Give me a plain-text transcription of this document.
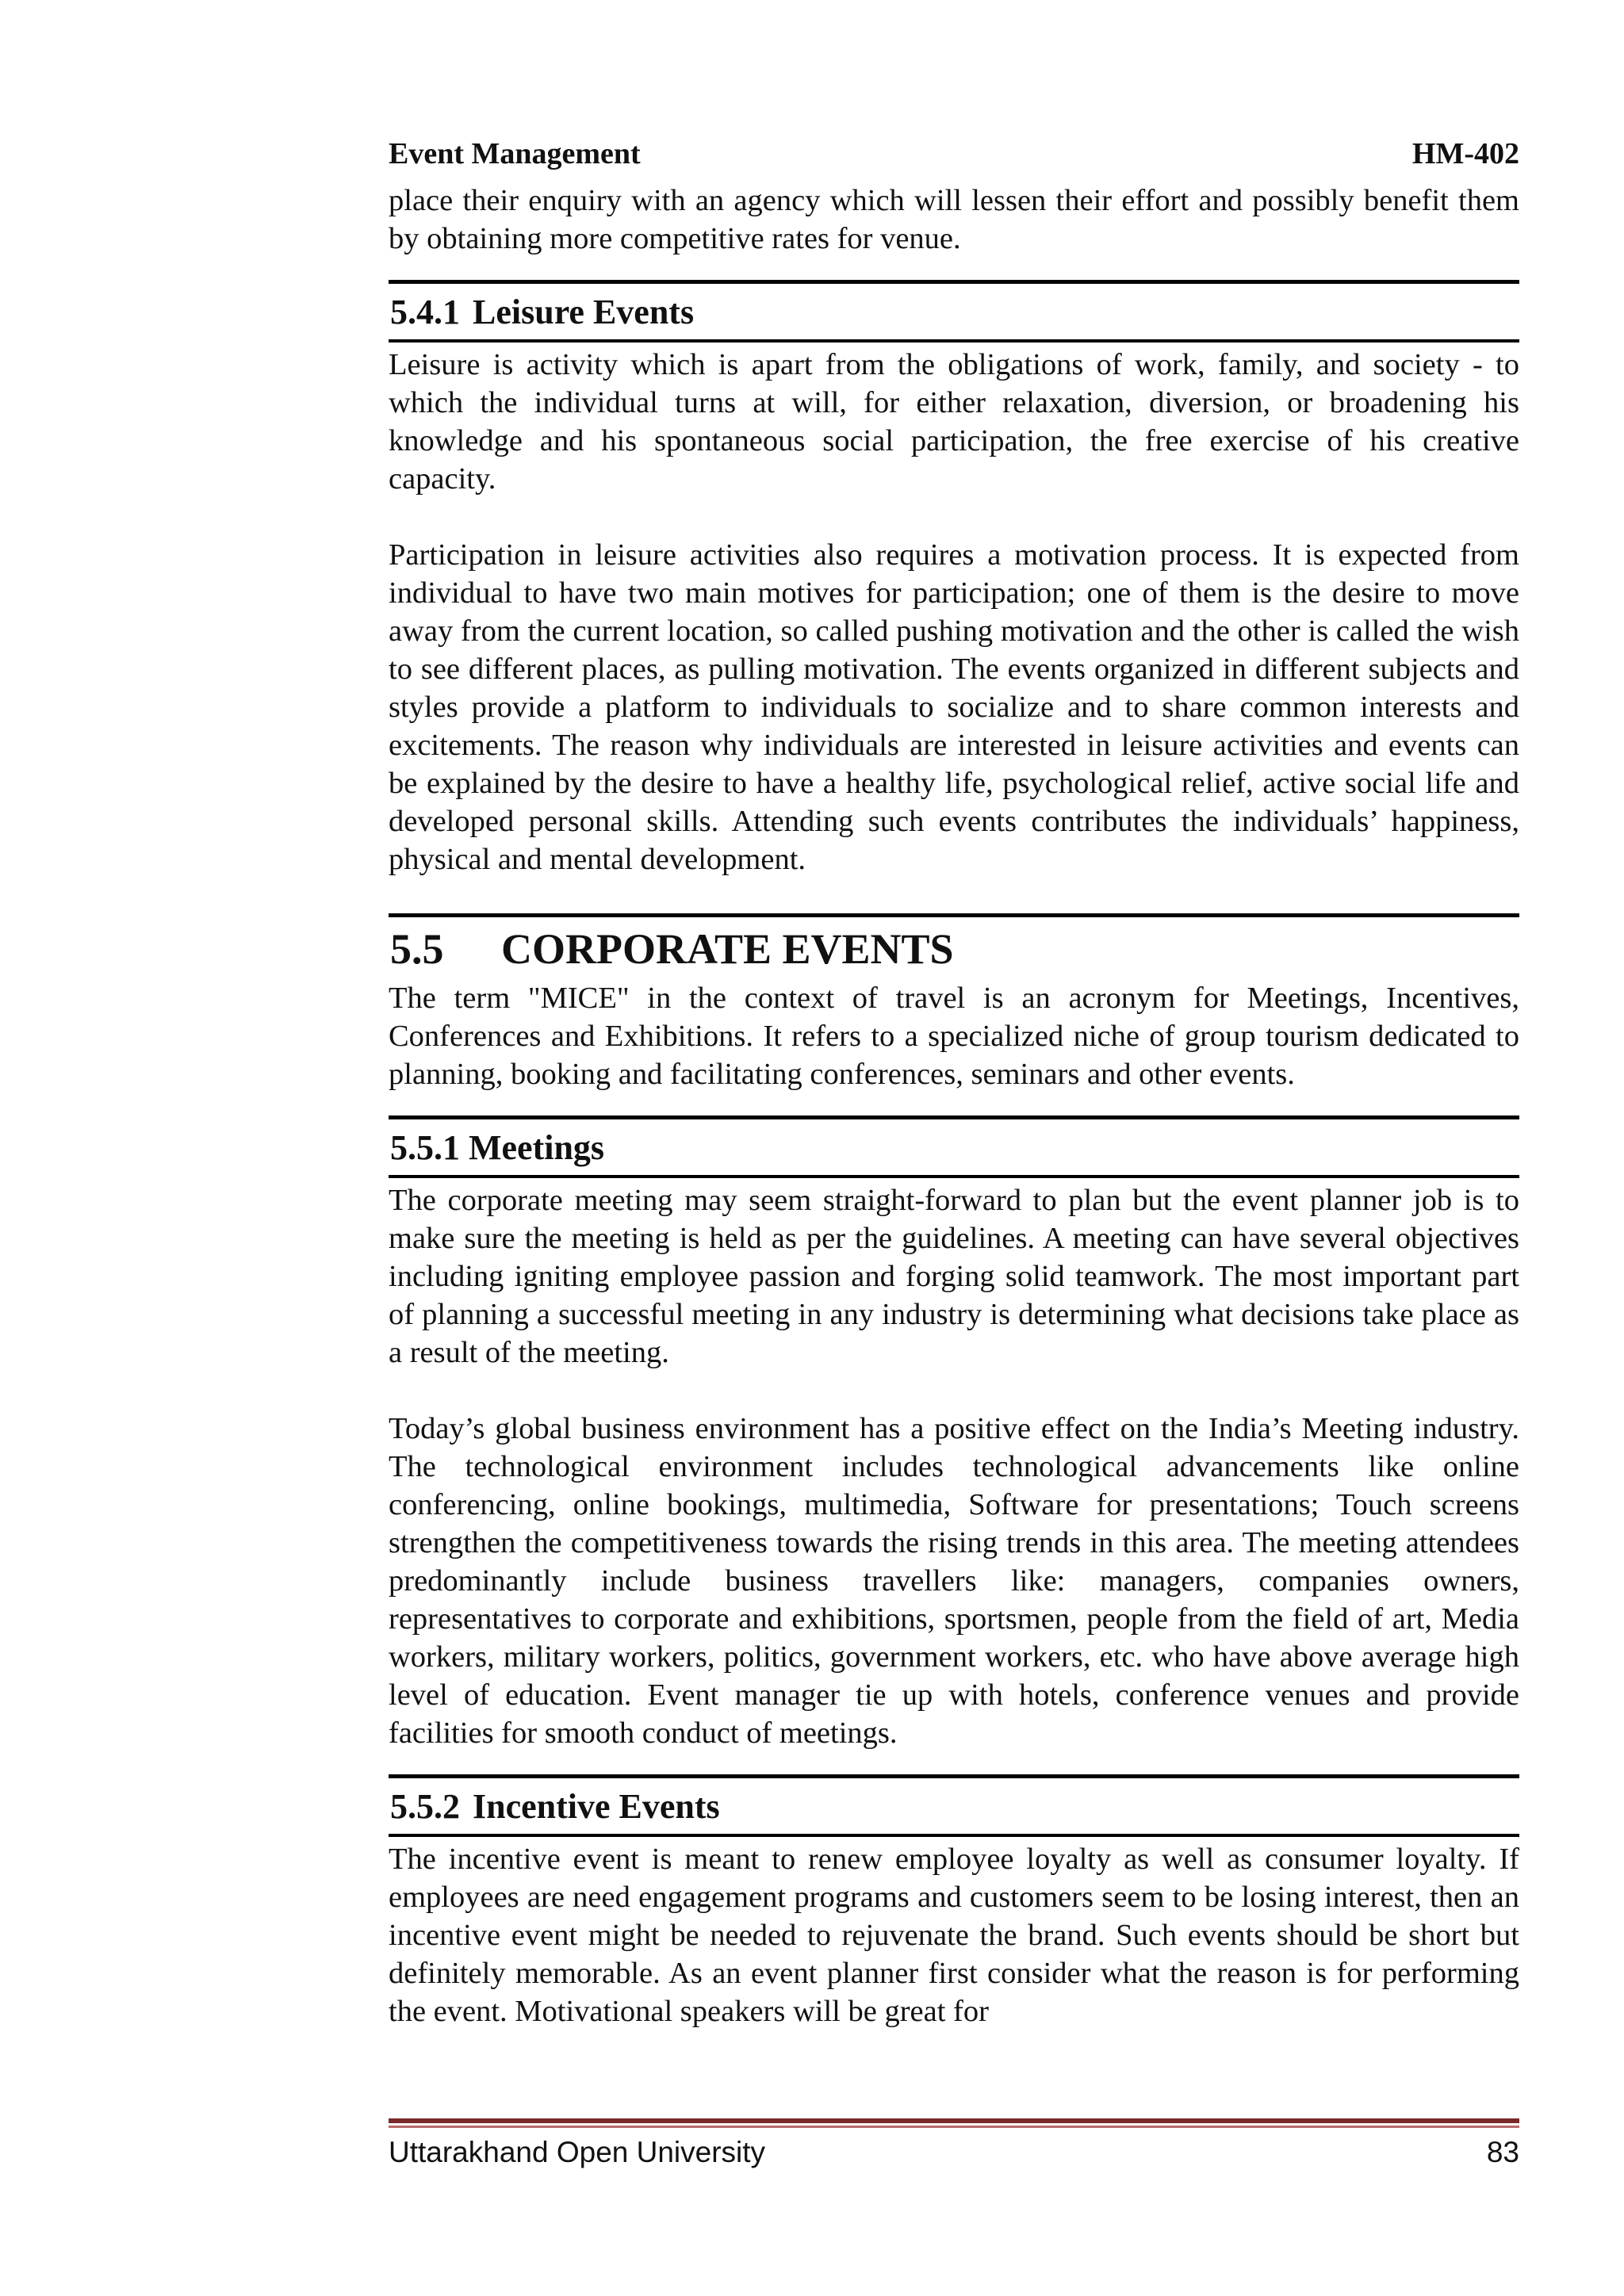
Event Management	HM-402

place their enquiry with an agency which will lessen their effort and possibly benefit them by obtaining more competitive rates for venue.

5.4.1 Leisure Events

Leisure is activity which is apart from the obligations of work, family, and society - to which the individual turns at will, for either relaxation, diversion, or broadening his knowledge and his spontaneous social participation, the free exercise of his creative capacity.

Participation in leisure activities also requires a motivation process. It is expected from individual to have two main motives for participation; one of them is the desire to move away from the current location, so called pushing motivation and the other is called the wish to see different places, as pulling motivation. The events organized in different subjects and styles provide a platform to individuals to socialize and to share common interests and excitements. The reason why individuals are interested in leisure activities and events can be explained by the desire to have a healthy life, psychological relief, active social life and developed personal skills. Attending such events contributes the individuals’ happiness, physical and mental development.

5.5 CORPORATE EVENTS

The term "MICE" in the context of travel is an acronym for Meetings, Incentives, Conferences and Exhibitions. It refers to a specialized niche of group tourism dedicated to planning, booking and facilitating conferences, seminars and other events.

5.5.1 Meetings

The corporate meeting may seem straight-forward to plan but the event planner job is to make sure the meeting is held as per the guidelines. A meeting can have several objectives including igniting employee passion and forging solid teamwork. The most important part of planning a successful meeting in any industry is determining what decisions take place as a result of the meeting.

Today’s global business environment has a positive effect on the India’s Meeting industry. The technological environment includes technological advancements like online conferencing, online bookings, multimedia, Software for presentations; Touch screens strengthen the competitiveness towards the rising trends in this area. The meeting attendees predominantly include business travellers like: managers, companies owners, representatives to corporate and exhibitions, sportsmen, people from the field of art, Media workers, military workers, politics, government workers, etc. who have above average high level of education. Event manager tie up with hotels, conference venues and provide facilities for smooth conduct of meetings.

5.5.2 Incentive Events

The incentive event is meant to renew employee loyalty as well as consumer loyalty. If employees are need engagement programs and customers seem to be losing interest, then an incentive event might be needed to rejuvenate the brand. Such events should be short but definitely memorable. As an event planner first consider what the reason is for performing the event. Motivational speakers will be great for

Uttarakhand Open University	83
